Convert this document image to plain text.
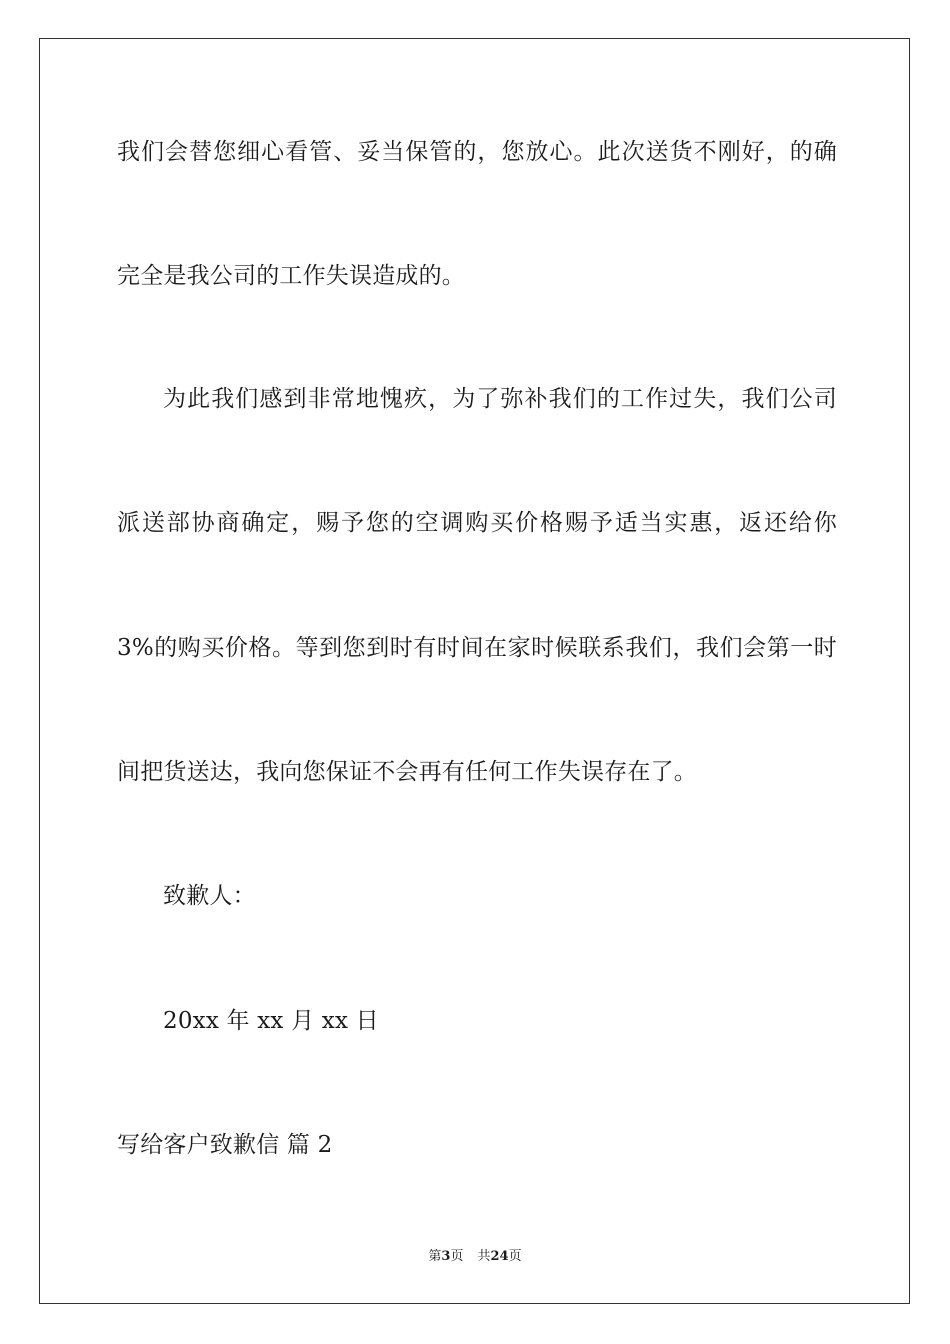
我们会替您细心看管、妥当保管的，您放心。此次送货不刚好，的确
完全是我公司的工作失误造成的。
为此我们感到非常地愧疚，为了弥补我们的工作过失，我们公司
派送部协商确定，赐予您的空调购买价格赐予适当实惠，返还给你
3%的购买价格。等到您到时有时间在家时候联系我们，我们会第一时
间把货送达，我向您保证不会再有任何工作失误存在了。
致歉人：
20xx 年 xx 月 xx 日
写给客户致歉信 篇 2
第3页 共24页
